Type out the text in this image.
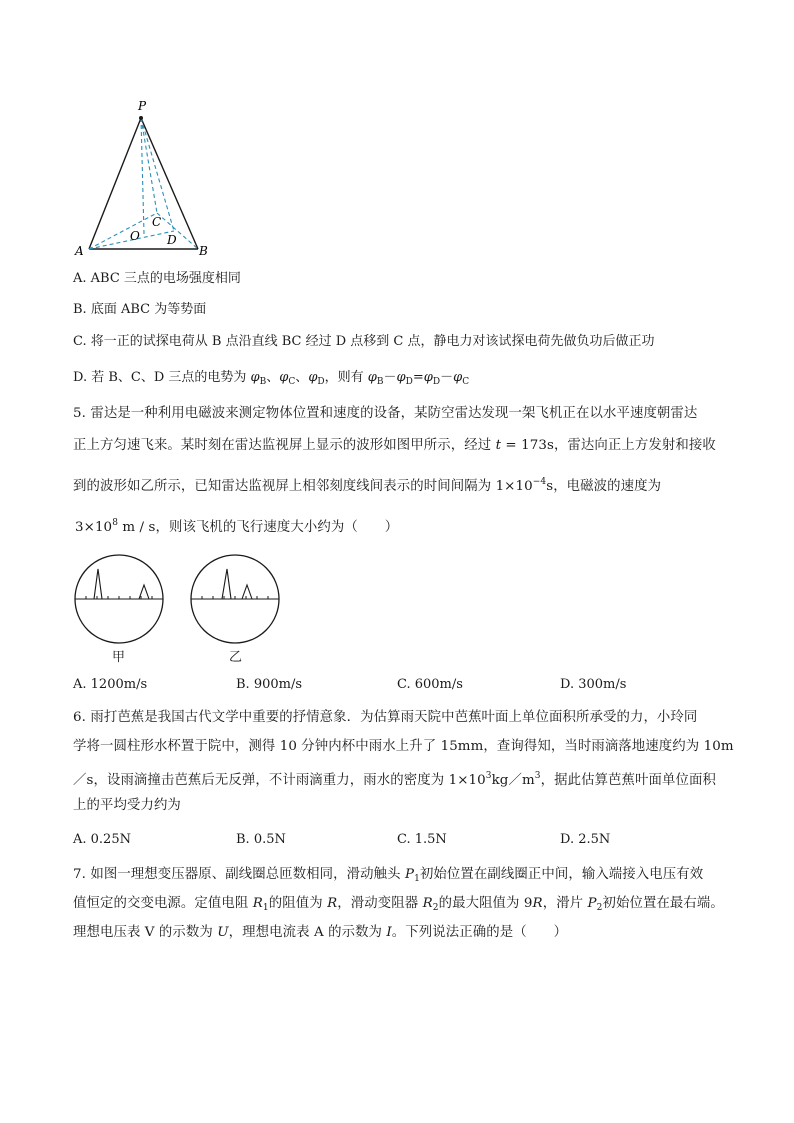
P
A	B
C
O D
A. ABC 三点的电场强度相同
B. 底面 ABC 为等势面
C. 将一正的试探电荷从 B 点沿直线 BC 经过 D 点移到 C 点，静电力对该试探电荷先做负功后做正功
D. 若 B、C、D 三点的电势为 $\varphi_B$、$\varphi_C$、$\varphi_D$，则有 $\varphi_B-\varphi_D=\varphi_D-\varphi_C$
5. 雷达是一种利用电磁波来测定物体位置和速度的设备，某防空雷达发现一架飞机正在以水平速度朝雷达
正上方匀速飞来。某时刻在雷达监视屏上显示的波形如图甲所示，经过 t = 173s，雷达向正上方发射和接收
到的波形如乙所示，已知雷达监视屏上相邻刻度线间表示的时间间隔为 $1\times 10^{-4}s$，电磁波的速度为
$3\times 10^8$ m / s，则该飞机的飞行速度大小约为（　　）
甲	乙
A. 1200m/s	B. 900m/s	C. 600m/s	D. 300m/s
6. 雨打芭蕉是我国古代文学中重要的抒情意象．为估算雨天院中芭蕉叶面上单位面积所承受的力，小玲同
学将一圆柱形水杯置于院中，测得 10 分钟内杯中雨水上升了 15mm，查询得知，当时雨滴落地速度约为 10m
／s，设雨滴撞击芭蕉后无反弹，不计雨滴重力，雨水的密度为 $1\times 10^3kg/m^3$，据此估算芭蕉叶面单位面积
上的平均受力约为
A. 0.25N	B. 0.5N	C. 1.5N	D. 2.5N
7. 如图一理想变压器原、副线圈总匝数相同，滑动触头 $P_1$初始位置在副线圈正中间，输入端接入电压有效
值恒定的交变电源。定值电阻 $R_1$的阻值为 R，滑动变阻器 $R_2$的最大阻值为 9R，滑片 $P_2$初始位置在最右端。
理想电压表 V 的示数为 U，理想电流表 A 的示数为 I。下列说法正确的是（　　）
